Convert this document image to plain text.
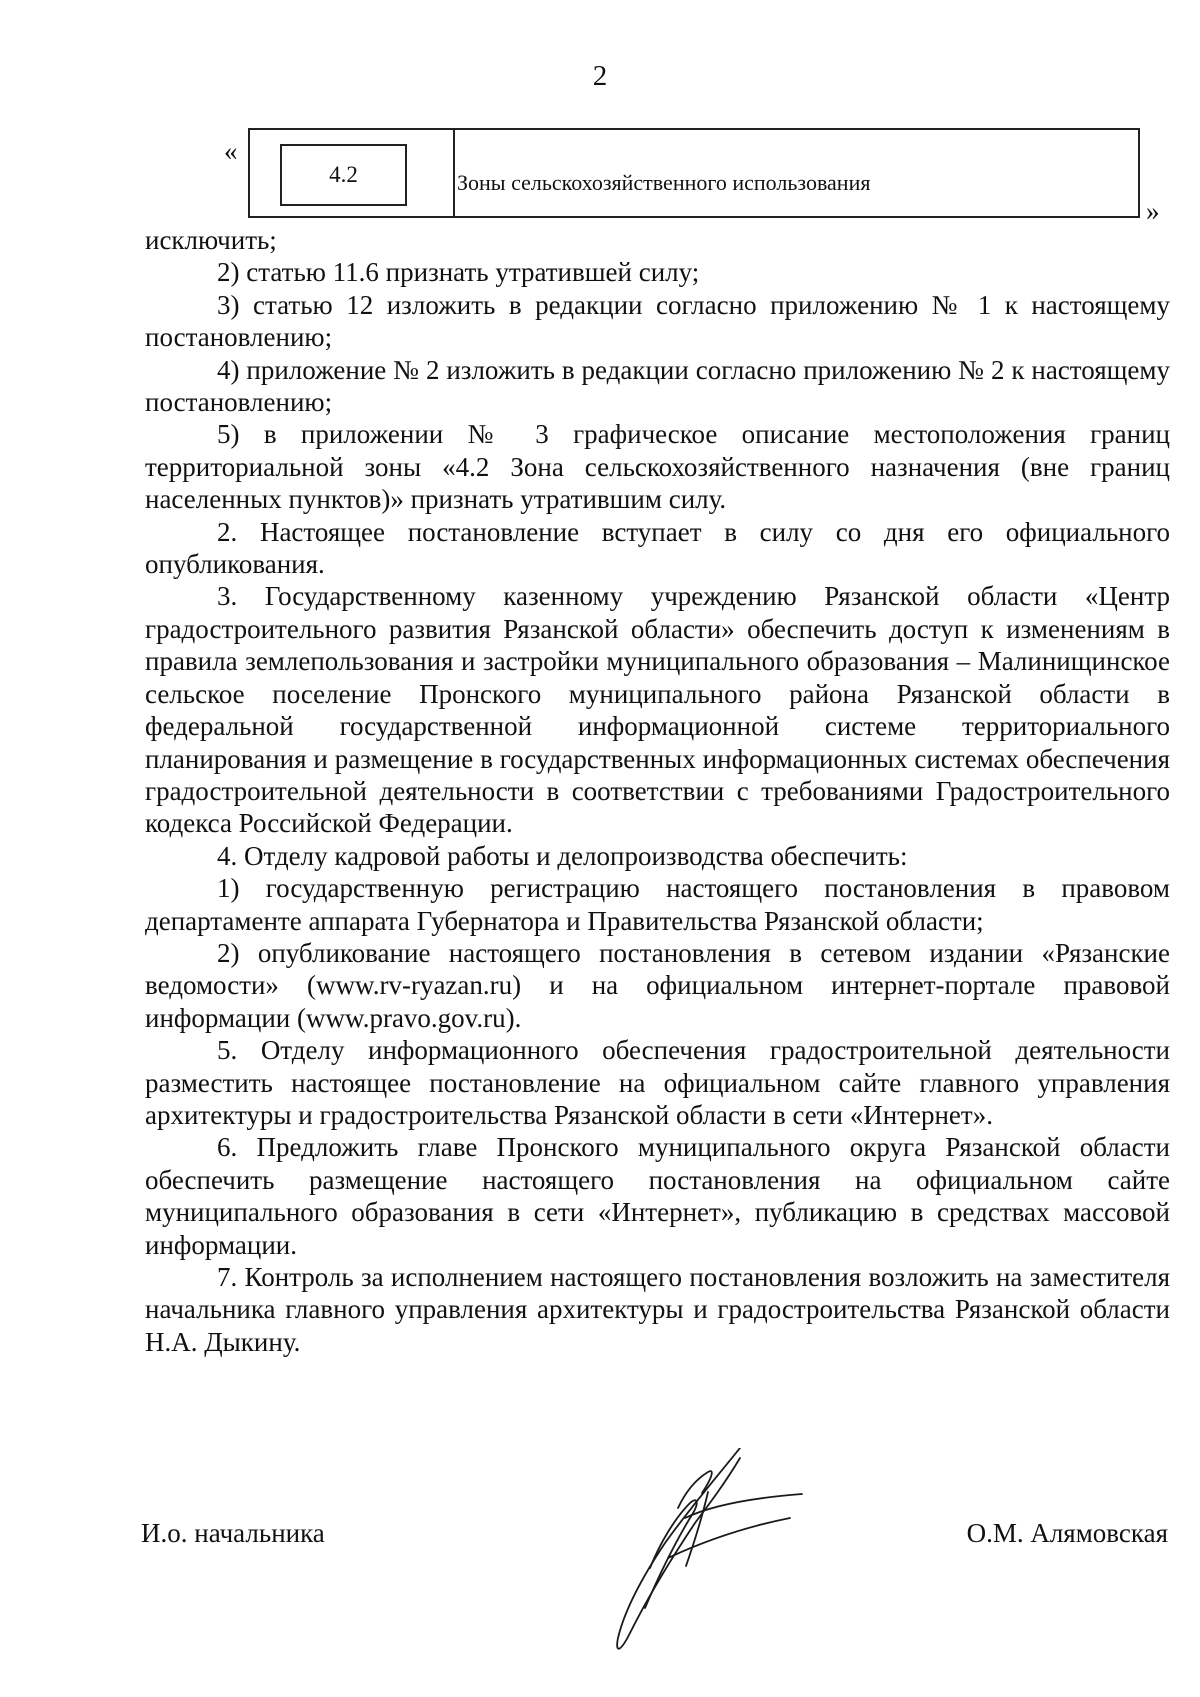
2
«
4.2	Зоны сельскохозяйственного использования
»

исключить;

2) статью 11.6 признать утратившей силу;

3) статью 12 изложить в редакции согласно приложению № 1 к настоящему постановлению;

4) приложение № 2 изложить в редакции согласно приложению № 2 к настоящему постановлению;

5) в приложении № 3 графическое описание местоположения границ территориальной зоны «4.2 Зона сельскохозяйственного назначения (вне границ населенных пунктов)» признать утратившим силу.

2. Настоящее постановление вступает в силу со дня его официального опубликования.

3. Государственному казенному учреждению Рязанской области «Центр градостроительного развития Рязанской области» обеспечить доступ к изменениям в правила землепользования и застройки муниципального образования – Малинищинское сельское поселение Пронского муниципального района Рязанской области в федеральной государственной информационной системе территориального планирования и размещение в государственных информационных системах обеспечения градостроительной деятельности в соответствии с требованиями Градостроительного кодекса Российской Федерации.

4. Отделу кадровой работы и делопроизводства обеспечить:

1) государственную регистрацию настоящего постановления в правовом департаменте аппарата Губернатора и Правительства Рязанской области;

2) опубликование настоящего постановления в сетевом издании «Рязанские ведомости» (www.rv-ryazan.ru) и на официальном интернет-портале правовой информации (www.pravo.gov.ru).

5. Отделу информационного обеспечения градостроительной деятельности разместить настоящее постановление на официальном сайте главного управления архитектуры и градостроительства Рязанской области в сети «Интернет».

6. Предложить главе Пронского муниципального округа Рязанской области обеспечить размещение настоящего постановления на официальном сайте муниципального образования в сети «Интернет», публикацию в средствах массовой информации.

7. Контроль за исполнением настоящего постановления возложить на заместителя начальника главного управления архитектуры и градостроительства Рязанской области Н.А. Дыкину.

И.о. начальника	О.М. Алямовская
